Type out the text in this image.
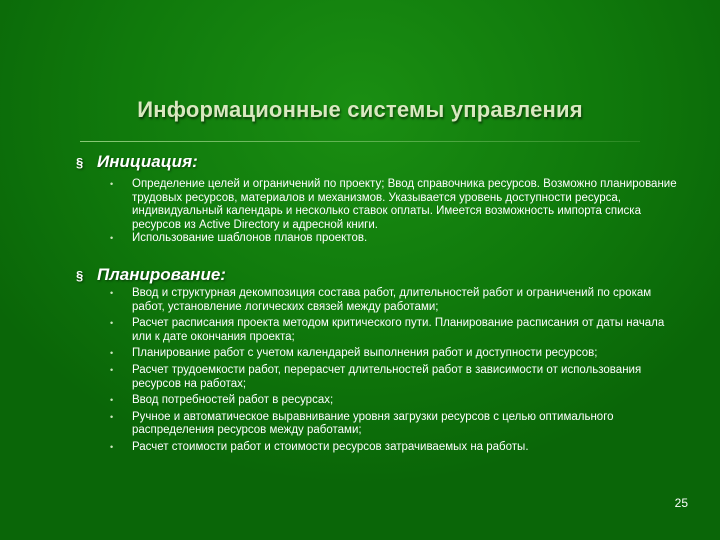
Информационные системы управления
§ Инициация:
• Определение целей и ограничений по проекту; Ввод справочника ресурсов. Возможно планирование трудовых ресурсов, материалов и механизмов. Указывается уровень доступности ресурса, индивидуальный календарь и несколько ставок оплаты. Имеется возможность импорта списка ресурсов из Active Directory и адресной книги.
• Использование шаблонов планов проектов.
§ Планирование:
• Ввод и структурная декомпозиция состава работ, длительностей работ и ограничений по срокам работ, установление логических связей между работами;
• Расчет расписания проекта методом критического пути. Планирование расписания от даты начала или к дате окончания проекта;
• Планирование работ с учетом календарей выполнения работ и доступности ресурсов;
• Расчет трудоемкости работ, перерасчет длительностей работ в зависимости от использования ресурсов на работах;
• Ввод потребностей работ в ресурсах;
• Ручное и автоматическое выравнивание уровня загрузки ресурсов с целью оптимального распределения ресурсов между работами;
• Расчет стоимости работ и стоимости ресурсов затрачиваемых на работы.
25
